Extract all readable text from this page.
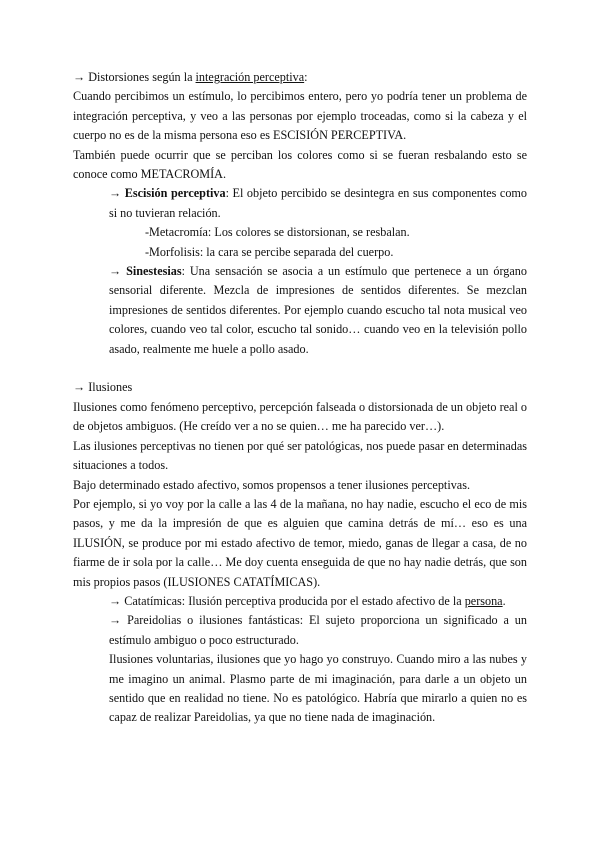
→ Distorsiones según la integración perceptiva:

Cuando percibimos un estímulo, lo percibimos entero, pero yo podría tener un problema de integración perceptiva, y veo a las personas por ejemplo troceadas, como si la cabeza y el cuerpo no es de la misma persona eso es ESCISIÓN PERCEPTIVA.

También puede ocurrir que se perciban los colores como si se fueran resbalando esto se conoce como METACROMÍA.

→ Escisión perceptiva: El objeto percibido se desintegra en sus componentes como si no tuvieran relación.

-Metacromía: Los colores se distorsionan, se resbalan.

-Morfolisis: la cara se percibe separada del cuerpo.

→ Sinestesias: Una sensación se asocia a un estímulo que pertenece a un órgano sensorial diferente. Mezcla de impresiones de sentidos diferentes. Se mezclan impresiones de sentidos diferentes. Por ejemplo cuando escucho tal nota musical veo colores, cuando veo tal color, escucho tal sonido… cuando veo en la televisión pollo asado, realmente me huele a pollo asado.

→ Ilusiones

Ilusiones como fenómeno perceptivo, percepción falseada o distorsionada de un objeto real o de objetos ambiguos. (He creído ver a no se quien… me ha parecido ver…).

Las ilusiones perceptivas no tienen por qué ser patológicas, nos puede pasar en determinadas situaciones a todos.

Bajo determinado estado afectivo, somos propensos a tener ilusiones perceptivas.

Por ejemplo, si yo voy por la calle a las 4 de la mañana, no hay nadie, escucho el eco de mis pasos, y me da la impresión de que es alguien que camina detrás de mí… eso es una ILUSIÓN, se produce por mi estado afectivo de temor, miedo, ganas de llegar a casa, de no fiarme de ir sola por la calle… Me doy cuenta enseguida de que no hay nadie detrás, que son mis propios pasos (ILUSIONES CATATÍMICAS).

→ Catatímicas: Ilusión perceptiva producida por el estado afectivo de la persona.

→ Pareidolias o ilusiones fantásticas: El sujeto proporciona un significado a un estímulo ambiguo o poco estructurado.

Ilusiones voluntarias, ilusiones que yo hago yo construyo. Cuando miro a las nubes y me imagino un animal. Plasmo parte de mi imaginación, para darle a un objeto un sentido que en realidad no tiene. No es patológico. Habría que mirarlo a quien no es capaz de realizar Pareidolias, ya que no tiene nada de imaginación.
